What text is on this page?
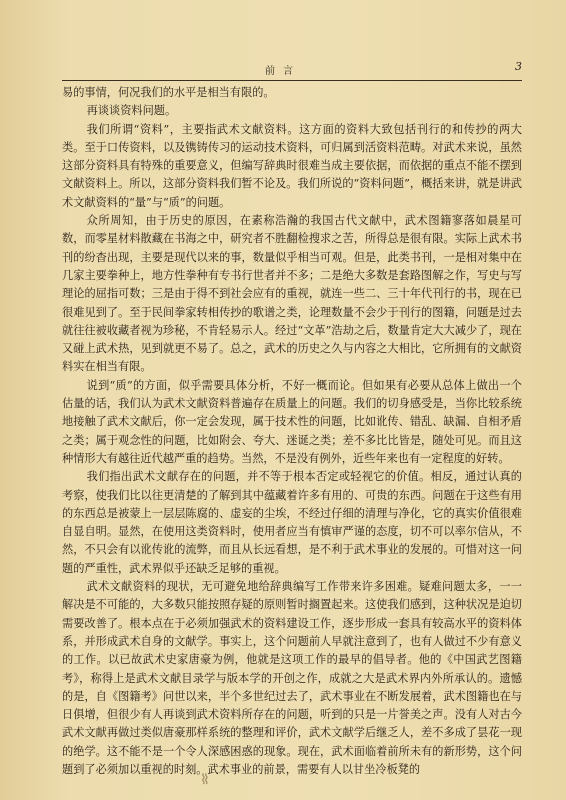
前言	3

易的事情，何况我们的水平是相当有限的。

再谈谈资料问题。

我们所谓“资料”，主要指武术文献资料。这方面的资料大致包括刊行的和传抄的两大类。至于口传资料，以及镌铸传习的运动技术资料，可归属到活资料范畴。对武术来说，虽然这部分资料具有特殊的重要意义，但编写辞典时很难当成主要依据，而依据的重点不能不摆到文献资料上。所以，这部分资料我们暂不论及。我们所说的“资料问题”，概括来讲，就是讲武术文献资料的“量”与“质”的问题。

众所周知，由于历史的原因，在素称浩瀚的我国古代文献中，武术图籍寥落如晨星可数，而零星材料散藏在书海之中，研究者不胜翻检搜求之苦，所得总是很有限。实际上武术书刊的纷杳出现，主要是现代以来的事，数量似乎相当可观。但是，此类书刊，一是相对集中在几家主要拳种上，地方性拳种有专书行世者并不多；二是绝大多数是套路图解之作，写史与写理论的屈指可数；三是由于得不到社会应有的重视，就连一些二、三十年代刊行的书，现在已很难见到了。至于民间拳家转相传抄的歌谱之类，论理数量不会少于刊行的图籍，问题是过去就往往被收藏者视为珍秘，不肯轻易示人。经过“文革”浩劫之后，数量肯定大大减少了，现在又碰上武术热，见到就更不易了。总之，武术的历史之久与内容之大相比，它所拥有的文献资料实在相当有限。

说到“质”的方面，似乎需要具体分析，不好一概而论。但如果有必要从总体上做出一个估量的话，我们认为武术文献资料普遍存在质量上的问题。我们的切身感受是，当你比较系统地接触了武术文献后，你一定会发现，属于技术性的问题，比如讹传、错乱、缺漏、自相矛盾之类；属于观念性的问题，比如附会、夸大、迷诞之类；差不多比比皆是，随处可见。而且这种情形大有越往近代越严重的趋势。当然，不是没有例外，近些年来也有一定程度的好转。

我们指出武术文献存在的问题，并不等于根本否定或轻视它的价值。相反，通过认真的考察，使我们比以往更清楚的了解到其中蕴藏着许多有用的、可贵的东西。问题在于这些有用的东西总是被蒙上一层层陈腐的、虚妄的尘埃，不经过仔细的清理与净化，它的真实价值很难自显自明。显然，在使用这类资料时，使用者应当有慎审严谨的态度，切不可以率尔信从，不然，不只会有以讹传讹的流弊，而且从长远看想，是不利于武术事业的发展的。可惜对这一问题的严重性，武术界似乎还缺乏足够的重视。

武术文献资料的现状，无可避免地给辞典编写工作带来许多困难。疑难问题太多，一一解决是不可能的，大多数只能按照存疑的原则暂时搁置起来。这使我们感到，这种状况是迫切需要改善了。根本点在于必须加强武术的资料建设工作，逐步形成一套具有较高水平的资料体系，并形成武术自身的文献学。事实上，这个问题前人早就注意到了，也有人做过不少有意义的工作。以已故武术史家唐豪为例，他就是这项工作的最早的倡导者。他的《中国武艺图籍考》，称得上是武术文献目录学与版本学的开创之作，成就之大是武术界内外所承认的。遗憾的是，自《图籍考》问世以来，半个多世纪过去了，武术事业在不断发展着，武术图籍也在与日俱增，但很少有人再谈到武术资料所存在的问题，听到的只是一片誉美之声。没有人对古今武术文献再做过类似唐豪那样系统的整理和评价，武术文献学后继乏人，差不多成了昙花一现的绝学。这不能不是一个令人深感困惑的现象。现在，武术面临着前所未有的新形势，这个问题到了必须加以重视的时刻。武术事业的前景，需要有人以甘坐冷板凳的

⌇⌇
